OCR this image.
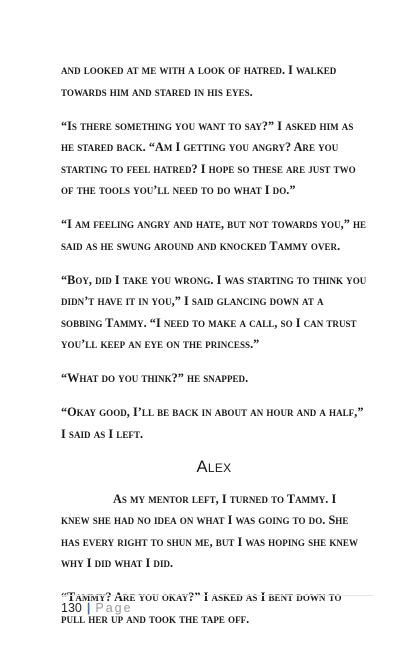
and looked at me with a look of hatred. I walked towards him and stared in his eyes.

“Is there something you want to say?” I asked him as he stared back. “Am I getting you angry? Are you starting to feel hatred? I hope so these are just two of the tools you’ll need to do what I do.”

“I am feeling angry and hate, but not towards you,” he said as he swung around and knocked Tammy over.

“Boy, did I take you wrong. I was starting to think you didn’t have it in you,” I said glancing down at a sobbing Tammy. “I need to make a call, so I can trust you’ll keep an eye on the princess.”

“What do you think?” he snapped.

“Okay good, I’ll be back in about an hour and a half,” I said as I left.

Alex

As my mentor left, I turned to Tammy. I knew she had no idea on what I was going to do. She has every right to shun me, but I was hoping she knew why I did what I did.

“Tammy? Are you okay?” I asked as I bent down to pull her up and took the tape off.

130 | Page
